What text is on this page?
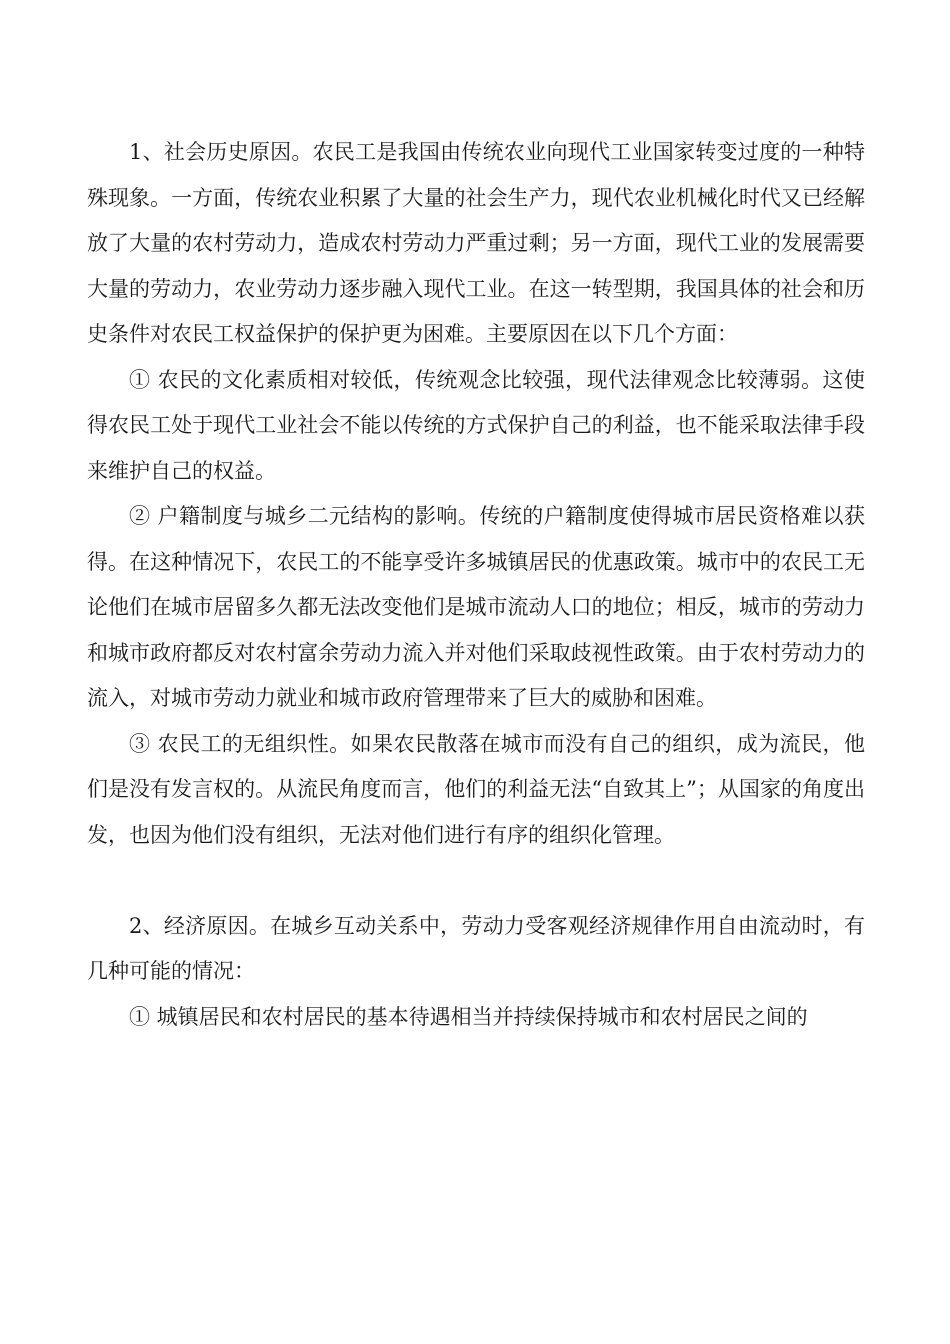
1、社会历史原因。农民工是我国由传统农业向现代工业国家转变过度的一种特殊现象。一方面，传统农业积累了大量的社会生产力，现代农业机械化时代又已经解放了大量的农村劳动力，造成农村劳动力严重过剩；另一方面，现代工业的发展需要大量的劳动力，农业劳动力逐步融入现代工业。在这一转型期，我国具体的社会和历史条件对农民工权益保护的保护更为困难。主要原因在以下几个方面：

① 农民的文化素质相对较低，传统观念比较强，现代法律观念比较薄弱。这使得农民工处于现代工业社会不能以传统的方式保护自己的利益，也不能采取法律手段来维护自己的权益。

② 户籍制度与城乡二元结构的影响。传统的户籍制度使得城市居民资格难以获得。在这种情况下，农民工的不能享受许多城镇居民的优惠政策。城市中的农民工无论他们在城市居留多久都无法改变他们是城市流动人口的地位；相反，城市的劳动力和城市政府都反对农村富余劳动力流入并对他们采取歧视性政策。由于农村劳动力的流入，对城市劳动力就业和城市政府管理带来了巨大的威胁和困难。

③ 农民工的无组织性。如果农民散落在城市而没有自己的组织，成为流民，他们是没有发言权的。从流民角度而言，他们的利益无法“自致其上”；从国家的角度出发，也因为他们没有组织，无法对他们进行有序的组织化管理。

2、经济原因。在城乡互动关系中，劳动力受客观经济规律作用自由流动时，有几种可能的情况：

① 城镇居民和农村居民的基本待遇相当并持续保持城市和农村居民之间的
